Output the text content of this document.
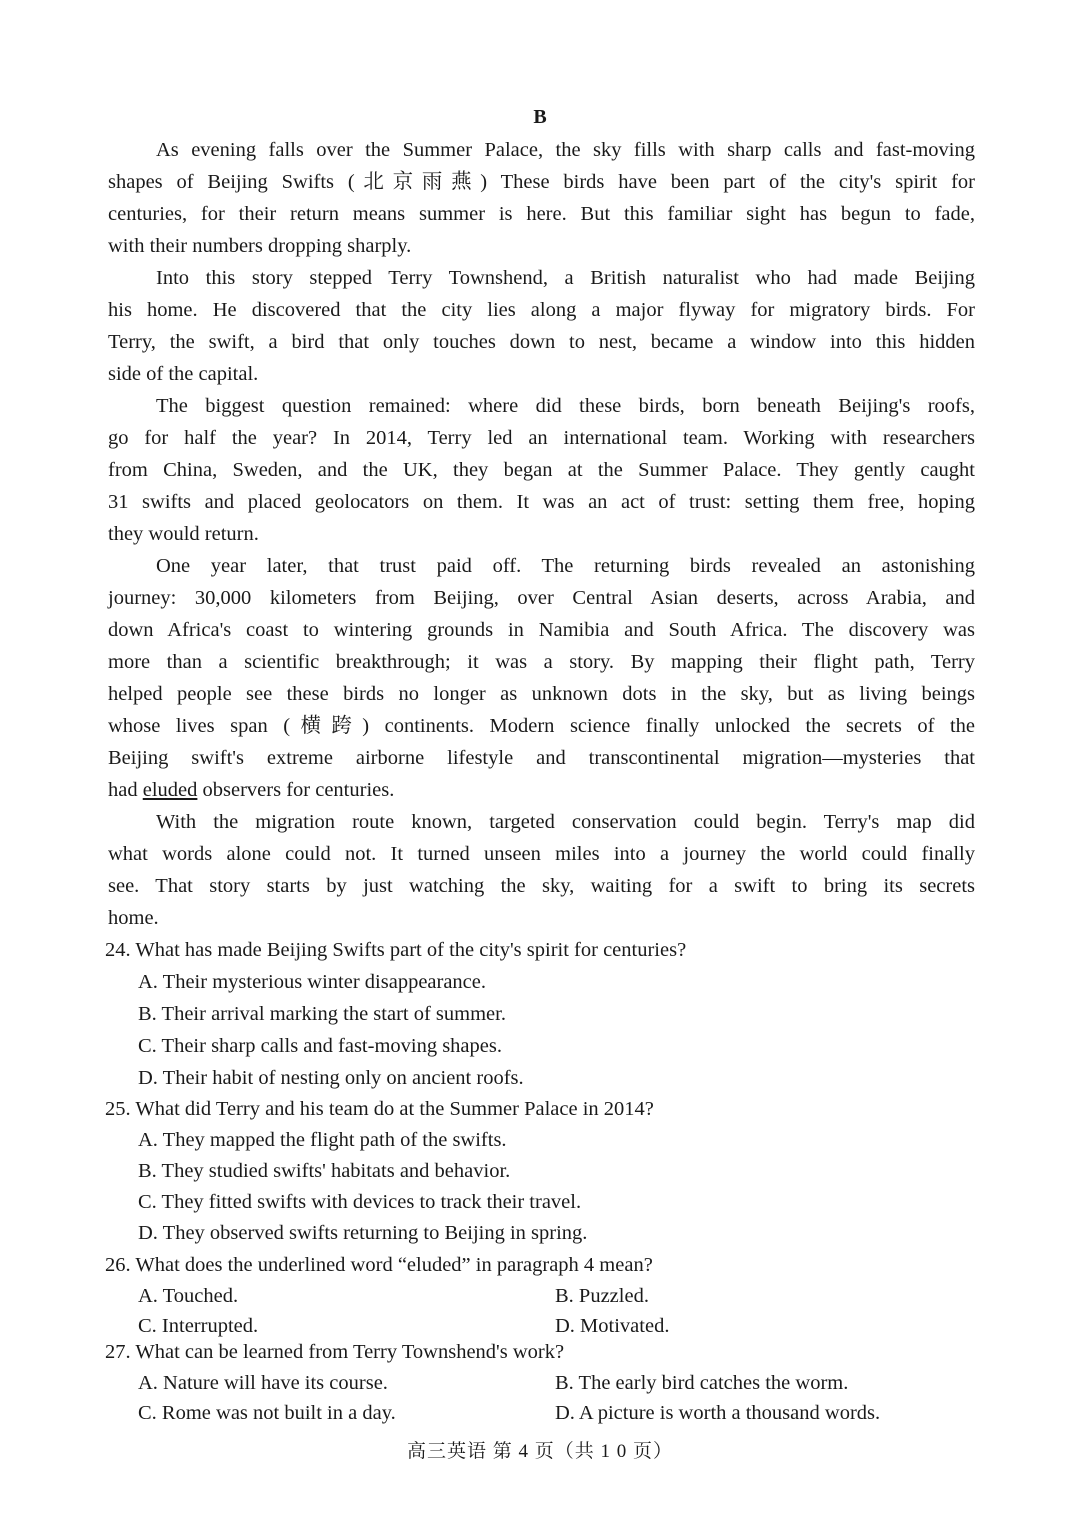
B
As evening falls over the Summer Palace, the sky fills with sharp calls and fast-moving
shapes of Beijing Swifts (北京雨燕) These birds have been part of the city's spirit for
centuries, for their return means summer is here. But this familiar sight has begun to fade,
with their numbers dropping sharply.
Into this story stepped Terry Townshend, a British naturalist who had made Beijing
his home. He discovered that the city lies along a major flyway for migratory birds. For
Terry, the swift, a bird that only touches down to nest, became a window into this hidden
side of the capital.
The biggest question remained: where did these birds, born beneath Beijing's roofs,
go for half the year? In 2014, Terry led an international team. Working with researchers
from China, Sweden, and the UK, they began at the Summer Palace. They gently caught
31 swifts and placed geolocators on them. It was an act of trust: setting them free, hoping
they would return.
One year later, that trust paid off. The returning birds revealed an astonishing
journey: 30,000 kilometers from Beijing, over Central Asian deserts, across Arabia, and
down Africa's coast to wintering grounds in Namibia and South Africa. The discovery was
more than a scientific breakthrough; it was a story. By mapping their flight path, Terry
helped people see these birds no longer as unknown dots in the sky, but as living beings
whose lives span (横跨) continents. Modern science finally unlocked the secrets of the
Beijing swift's extreme airborne lifestyle and transcontinental migration—mysteries that
had eluded observers for centuries.
With the migration route known, targeted conservation could begin. Terry's map did
what words alone could not. It turned unseen miles into a journey the world could finally
see. That story starts by just watching the sky, waiting for a swift to bring its secrets
home.
24. What has made Beijing Swifts part of the city's spirit for centuries?
A. Their mysterious winter disappearance.
B. Their arrival marking the start of summer.
C. Their sharp calls and fast-moving shapes.
D. Their habit of nesting only on ancient roofs.
25. What did Terry and his team do at the Summer Palace in 2014?
A. They mapped the flight path of the swifts.
B. They studied swifts' habitats and behavior.
C. They fitted swifts with devices to track their travel.
D. They observed swifts returning to Beijing in spring.
26. What does the underlined word “eluded” in paragraph 4 mean?
A. Touched.	B. Puzzled.
C. Interrupted.	D. Motivated.
27. What can be learned from Terry Townshend's work?
A. Nature will have its course.	B. The early bird catches the worm.
C. Rome was not built in a day.	D. A picture is worth a thousand words.
高三英语 第 4 页（共 1 0 页）
